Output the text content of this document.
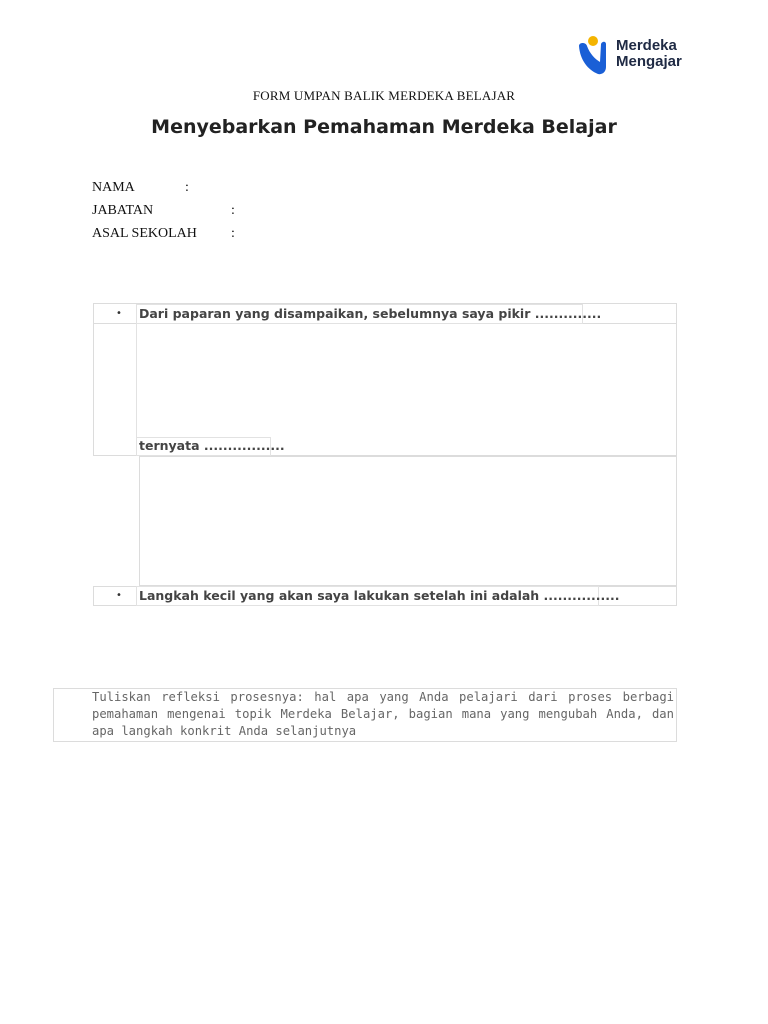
Merdeka
Mengajar
FORM UMPAN BALIK MERDEKA BELAJAR
Menyebarkan Pemahaman Merdeka Belajar
NAMA	:
JABATAN	:
ASAL SEKOLAH :
• Dari paparan yang disampaikan, sebelumnya saya pikir ..............
ternyata .................
• Langkah kecil yang akan saya lakukan setelah ini adalah ................
Tuliskan refleksi prosesnya: hal apa yang Anda pelajari dari proses berbagi pemahaman mengenai topik Merdeka Belajar, bagian mana yang mengubah Anda, dan apa langkah konkrit Anda selanjutnya
